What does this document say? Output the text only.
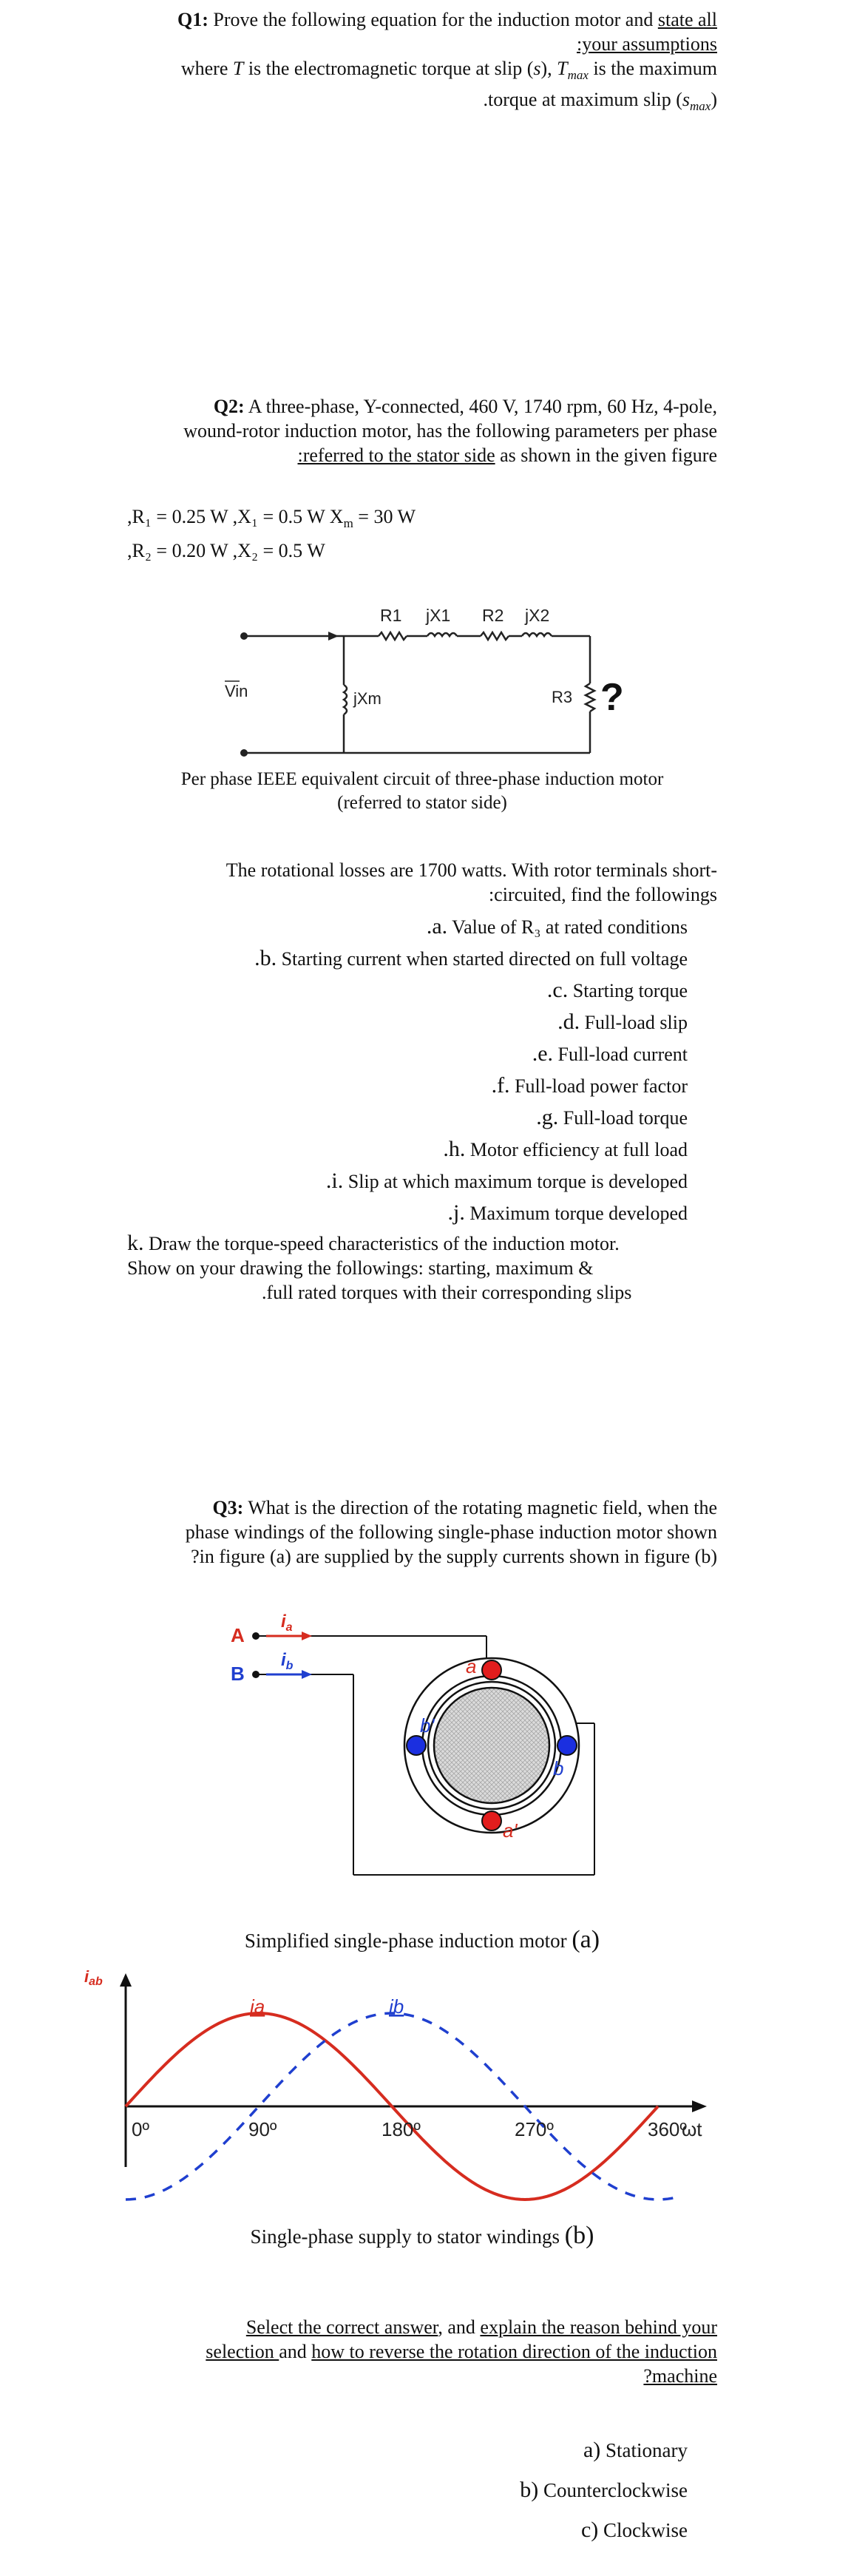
Q1: Prove the following equation for the induction motor and state all
:your assumptions
where T is the electromagnetic torque at slip (s), $T_{max}$ is the maximum
.torque at maximum slip $(s_{max})$
Q2: A three-phase, Y-connected, 460 V, 1740 rpm, 60 Hz, 4-pole,
wound-rotor induction motor, has the following parameters per phase
:referred to the stator side as shown in the given figure
,R₁ = 0.25 W ,X₁ = 0.5 W $X_m = 30$ W
,R₂ = 0.20 W ,X₂ = 0.5 W
R1 jX1 R2 jX2
Vin	jXm	R3 ?
Per phase IEEE equivalent circuit of three-phase induction motor
(referred to stator side)
The rotational losses are 1700 watts. With rotor terminals short-
:circuited, find the followings
.a. Value of R₃ at rated conditions
.b. Starting current when started directed on full voltage
.c. Starting torque
.d. Full-load slip
.e. Full-load current
.f. Full-load power factor
.g. Full-load torque
.h. Motor efficiency at full load
.i. Slip at which maximum torque is developed
.j. Maximum torque developed
k. Draw the torque-speed characteristics of the induction motor.
Show on your drawing the followings: starting, maximum &
.full rated torques with their corresponding slips
Q3: What is the direction of the rotating magnetic field, when the
phase windings of the following single-phase induction motor shown
?in figure (a) are supplied by the supply currents shown in figure (b)
A
B
$i_a$
$i_b$	a
a'
b'
b
Simplified single-phase induction motor (a)
iab
ia	ib
0º	90º	180º	270º	360º
ωt
Single-phase supply to stator windings (b)
Select the correct answer, and explain the reason behind your
selection and how to reverse the rotation direction of the induction
?machine
a) Stationary
b) Counterclockwise
c) Clockwise
